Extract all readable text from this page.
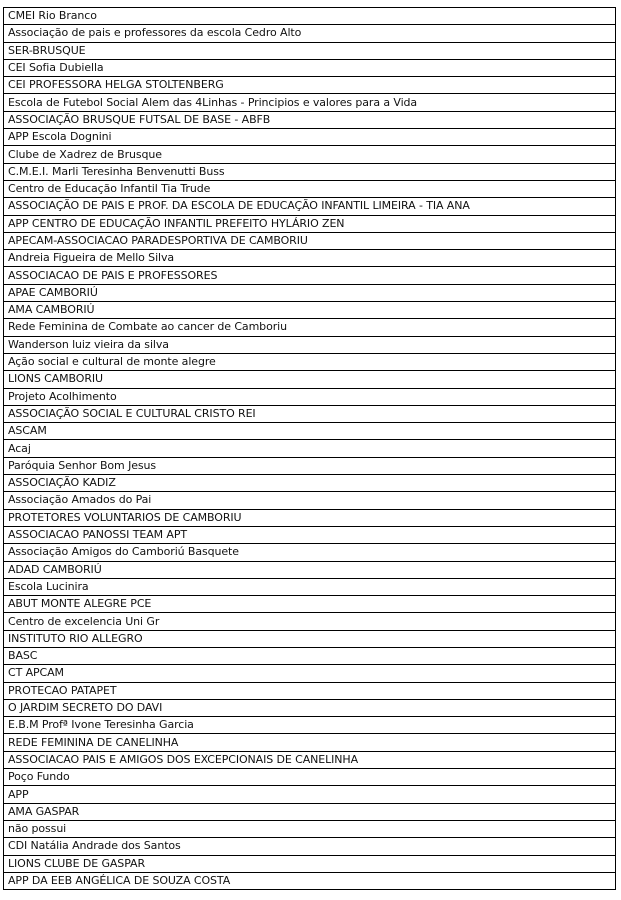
CMEI Rio Branco
Associação de pais e professores da escola Cedro Alto
SER-BRUSQUE
CEI Sofia Dubiella
CEI PROFESSORA HELGA STOLTENBERG
Escola de Futebol Social Alem das 4Linhas - Principios e valores para a Vida
ASSOCIAÇÃO BRUSQUE FUTSAL DE BASE - ABFB
APP Escola Dognini
Clube de Xadrez de Brusque
C.M.E.I. Marli Teresinha Benvenutti Buss
Centro de Educação Infantil Tia Trude
ASSOCIAÇÃO DE PAIS E PROF. DA ESCOLA DE EDUCAÇÃO INFANTIL LIMEIRA - TIA ANA
APP CENTRO DE EDUCAÇÃO INFANTIL PREFEITO HYLÁRIO ZEN
APECAM-ASSOCIACAO PARADESPORTIVA DE CAMBORIU
Andreia Figueira de Mello Silva
ASSOCIACAO DE PAIS E PROFESSORES
APAE CAMBORIÚ
AMA CAMBORIÚ
Rede Feminina de Combate ao cancer de Camboriu
Wanderson luiz vieira da silva
Ação social e cultural de monte alegre
LIONS CAMBORIU
Projeto Acolhimento
ASSOCIAÇÃO SOCIAL E CULTURAL CRISTO REI
ASCAM
Acaj
Paróquia Senhor Bom Jesus
ASSOCIAÇÃO KADIZ
Associação Amados do Pai
PROTETORES VOLUNTARIOS DE CAMBORIU
ASSOCIACAO PANOSSI TEAM APT
Associação Amigos do Camboriú Basquete
ADAD CAMBORIÚ
Escola Lucinira
ABUT MONTE ALEGRE PCE
Centro de excelencia Uni Gr
INSTITUTO RIO ALLEGRO
BASC
CT APCAM
PROTECAO PATAPET
O JARDIM SECRETO DO DAVI
E.B.M Profª Ivone Teresinha Garcia
REDE FEMININA DE CANELINHA
ASSOCIACAO PAIS E AMIGOS DOS EXCEPCIONAIS DE CANELINHA
Poço Fundo
APP
AMA GASPAR
não possui
CDI Natália Andrade dos Santos
LIONS CLUBE DE GASPAR
APP DA EEB ANGÉLICA DE SOUZA COSTA
